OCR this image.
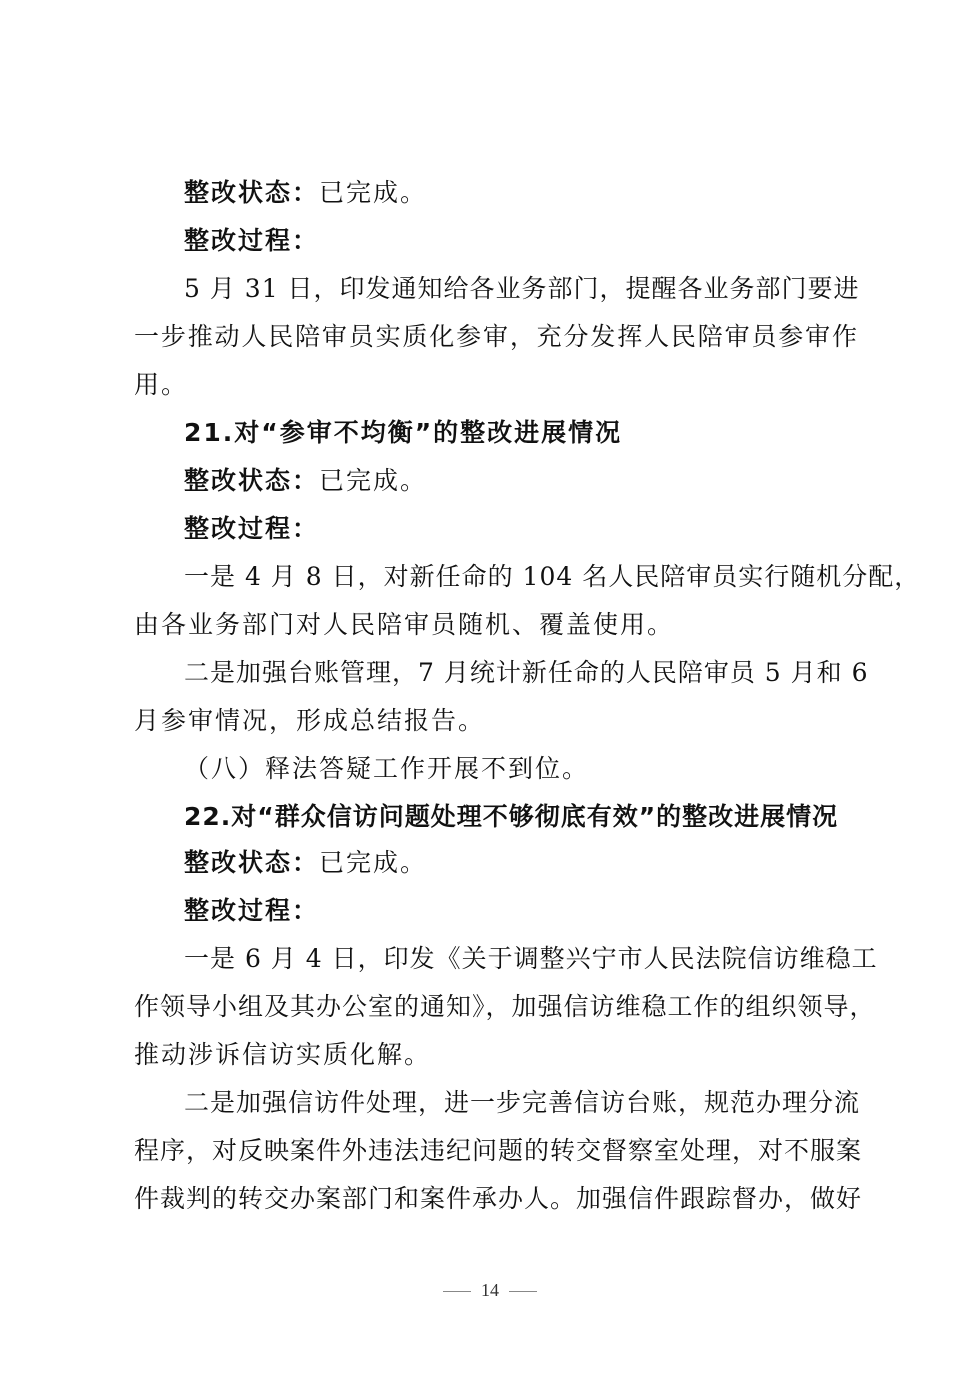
整改状态：已完成。
整改过程：
5 月 31 日，印发通知给各业务部门，提醒各业务部门要进
一步推动人民陪审员实质化参审，充分发挥人民陪审员参审作
用。
21.对“参审不均衡”的整改进展情况
整改状态：已完成。
整改过程：
一是 4 月 8 日，对新任命的 104 名人民陪审员实行随机分配，
由各业务部门对人民陪审员随机、覆盖使用。
二是加强台账管理，7 月统计新任命的人民陪审员 5 月和 6
月参审情况，形成总结报告。
（八）释法答疑工作开展不到位。
22.对“群众信访问题处理不够彻底有效”的整改进展情况
整改状态：已完成。
整改过程：
一是 6 月 4 日，印发《关于调整兴宁市人民法院信访维稳工
作领导小组及其办公室的通知》，加强信访维稳工作的组织领导，
推动涉诉信访实质化解。
二是加强信访件处理，进一步完善信访台账，规范办理分流
程序，对反映案件外违法违纪问题的转交督察室处理，对不服案
件裁判的转交办案部门和案件承办人。加强信件跟踪督办，做好
14
